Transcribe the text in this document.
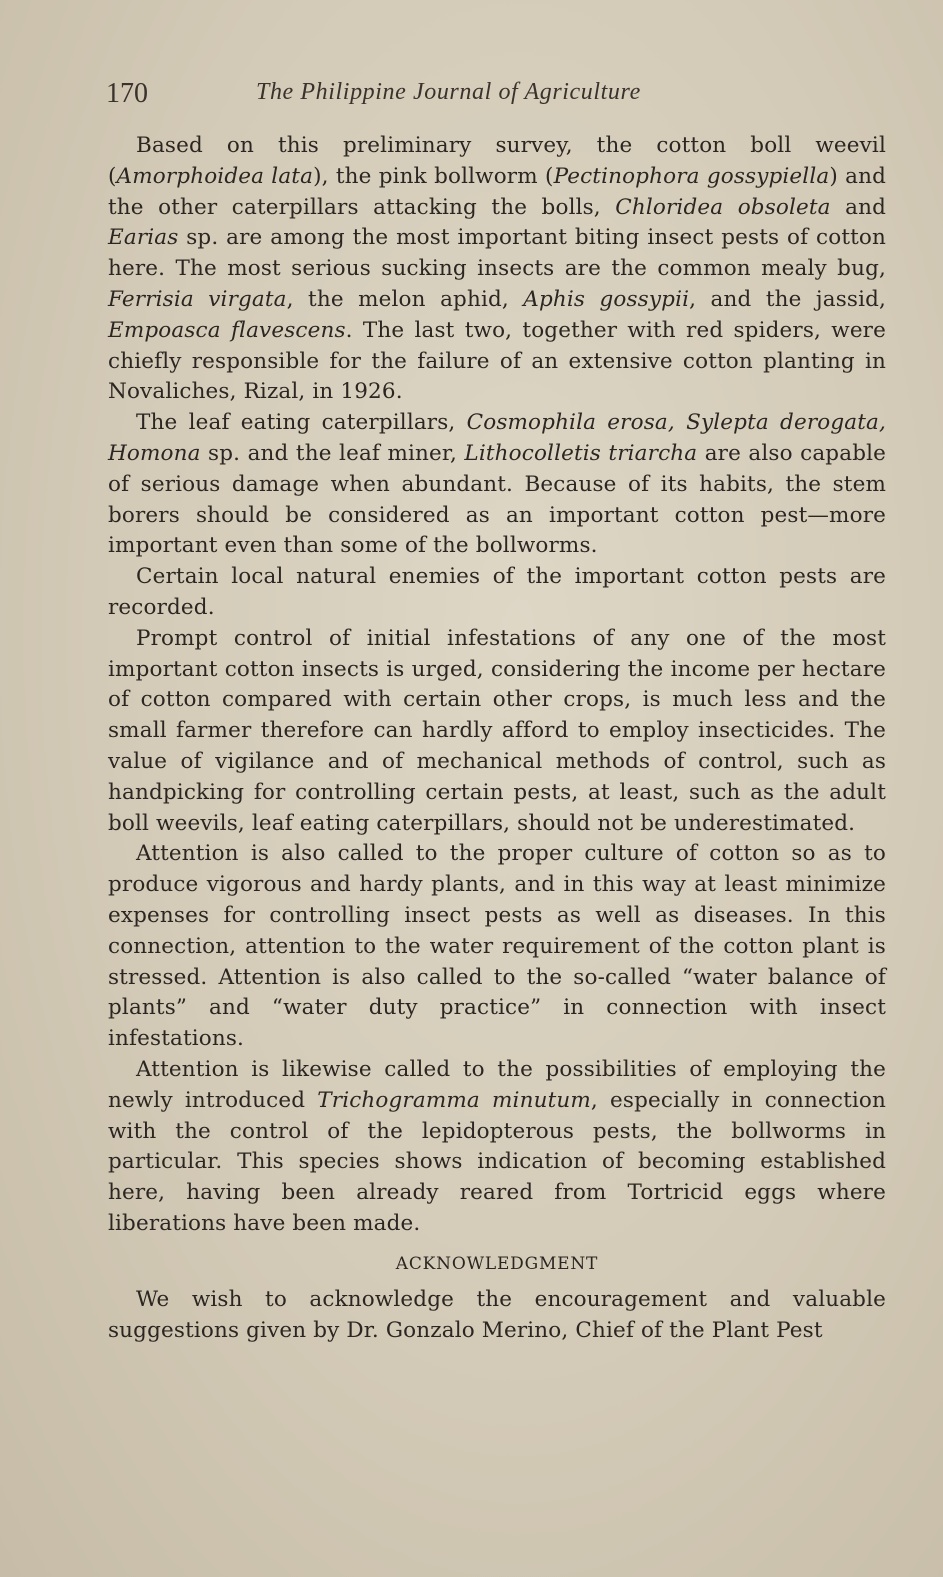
170	The Philippine Journal of Agriculture

Based on this preliminary survey, the cotton boll weevil (Amorphoidea lata), the pink bollworm (Pectinophora gossypiella) and the other caterpillars attacking the bolls, Chloridea obsoleta and Earias sp. are among the most important biting insect pests of cotton here. The most serious sucking insects are the common mealy bug, Ferrisia virgata, the melon aphid, Aphis gossypii, and the jassid, Empoasca flavescens. The last two, together with red spiders, were chiefly responsible for the failure of an extensive cotton planting in Novaliches, Rizal, in 1926.

The leaf eating caterpillars, Cosmophila erosa, Sylepta derogata, Homona sp. and the leaf miner, Lithocolletis triarcha are also capable of serious damage when abundant. Because of its habits, the stem borers should be considered as an important cotton pest—more important even than some of the bollworms.

Certain local natural enemies of the important cotton pests are recorded.

Prompt control of initial infestations of any one of the most important cotton insects is urged, considering the income per hectare of cotton compared with certain other crops, is much less and the small farmer therefore can hardly afford to employ insecticides. The value of vigilance and of mechanical methods of control, such as handpicking for controlling certain pests, at least, such as the adult boll weevils, leaf eating caterpillars, should not be underestimated.

Attention is also called to the proper culture of cotton so as to produce vigorous and hardy plants, and in this way at least minimize expenses for controlling insect pests as well as diseases. In this connection, attention to the water requirement of the cotton plant is stressed. Attention is also called to the so-called “water balance of plants” and “water duty practice” in connection with insect infestations.

Attention is likewise called to the possibilities of employing the newly introduced Trichogramma minutum, especially in connection with the control of the lepidopterous pests, the bollworms in particular. This species shows indication of becoming established here, having been already reared from Tortricid eggs where liberations have been made.

ACKNOWLEDGMENT

We wish to acknowledge the encouragement and valuable suggestions given by Dr. Gonzalo Merino, Chief of the Plant Pest
